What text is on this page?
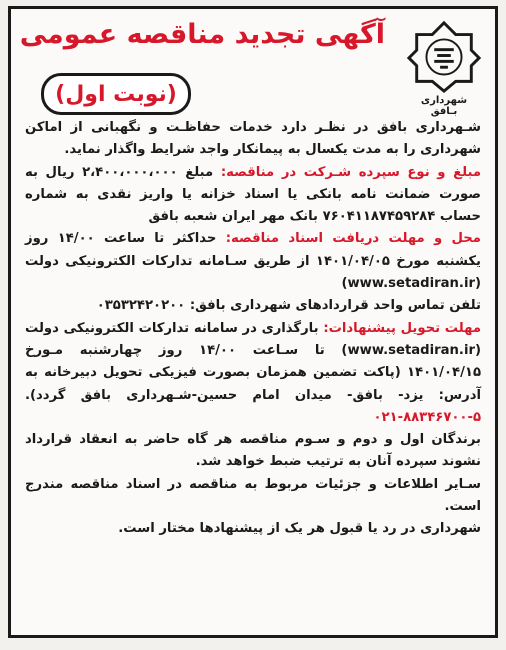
شهرداری بـافق
آگهی تجدید مناقصه عمومی
(نوبت اول)

شـهرداری بافق در نظـر دارد خدمات حفاظـت و نگهبانی از اماکن شهرداری را به مدت یکسال به پیمانکار واجد شرایط واگذار نماید.

مبلغ و نوع سپرده شـرکت در مناقصه: مبلغ ۲،۴۰۰،۰۰۰،۰۰۰ ریال به صورت ضمانت نامه بانکی یا اسناد خزانه یا واریز نقدی به شماره حساب ۷۶۰۴۱۱۸۷۴۵۹۲۸۴ بانک مهر ایران شعبه بافق

محل و مهلت دریافت اسناد مناقصه: حداکثر تا ساعت ۱۴/۰۰ روز یکشنبه مورخ ۱۴۰۱/۰۴/۰۵ از طریق سـامانه تدارکات الکترونیکی دولت (www.setadiran.ir)

تلفن تماس واحد قراردادهای شهرداری بافق: ۰۳۵۳۲۴۲۰۲۰۰

مهلت تحویل پیشنهادات: بارگذاری در سامانه تدارکات الکترونیکی دولت (www.setadiran.ir) تا سـاعت ۱۴/۰۰ روز چهارشنبه مـورخ ۱۴۰۱/۰۴/۱۵ (پاکت تضمین همزمان بصورت فیزیکی تحویل دبیرخانه به آدرس: یزد- بافق- میدان امام حسین-شـهرداری بافق گردد). ۰۲۱-۸۸۳۴۶۷۰۰-۵

برندگان اول و دوم و سـوم مناقصه هر گاه حاضر به انعقاد قرارداد نشوند سپرده آنان به ترتیب ضبط خواهد شد.

سـایر اطلاعات و جزئیات مربوط به مناقصه در اسناد مناقصه مندرج است.

شهرداری در رد یا قبول هر یک از پیشنهادها مختار است.
